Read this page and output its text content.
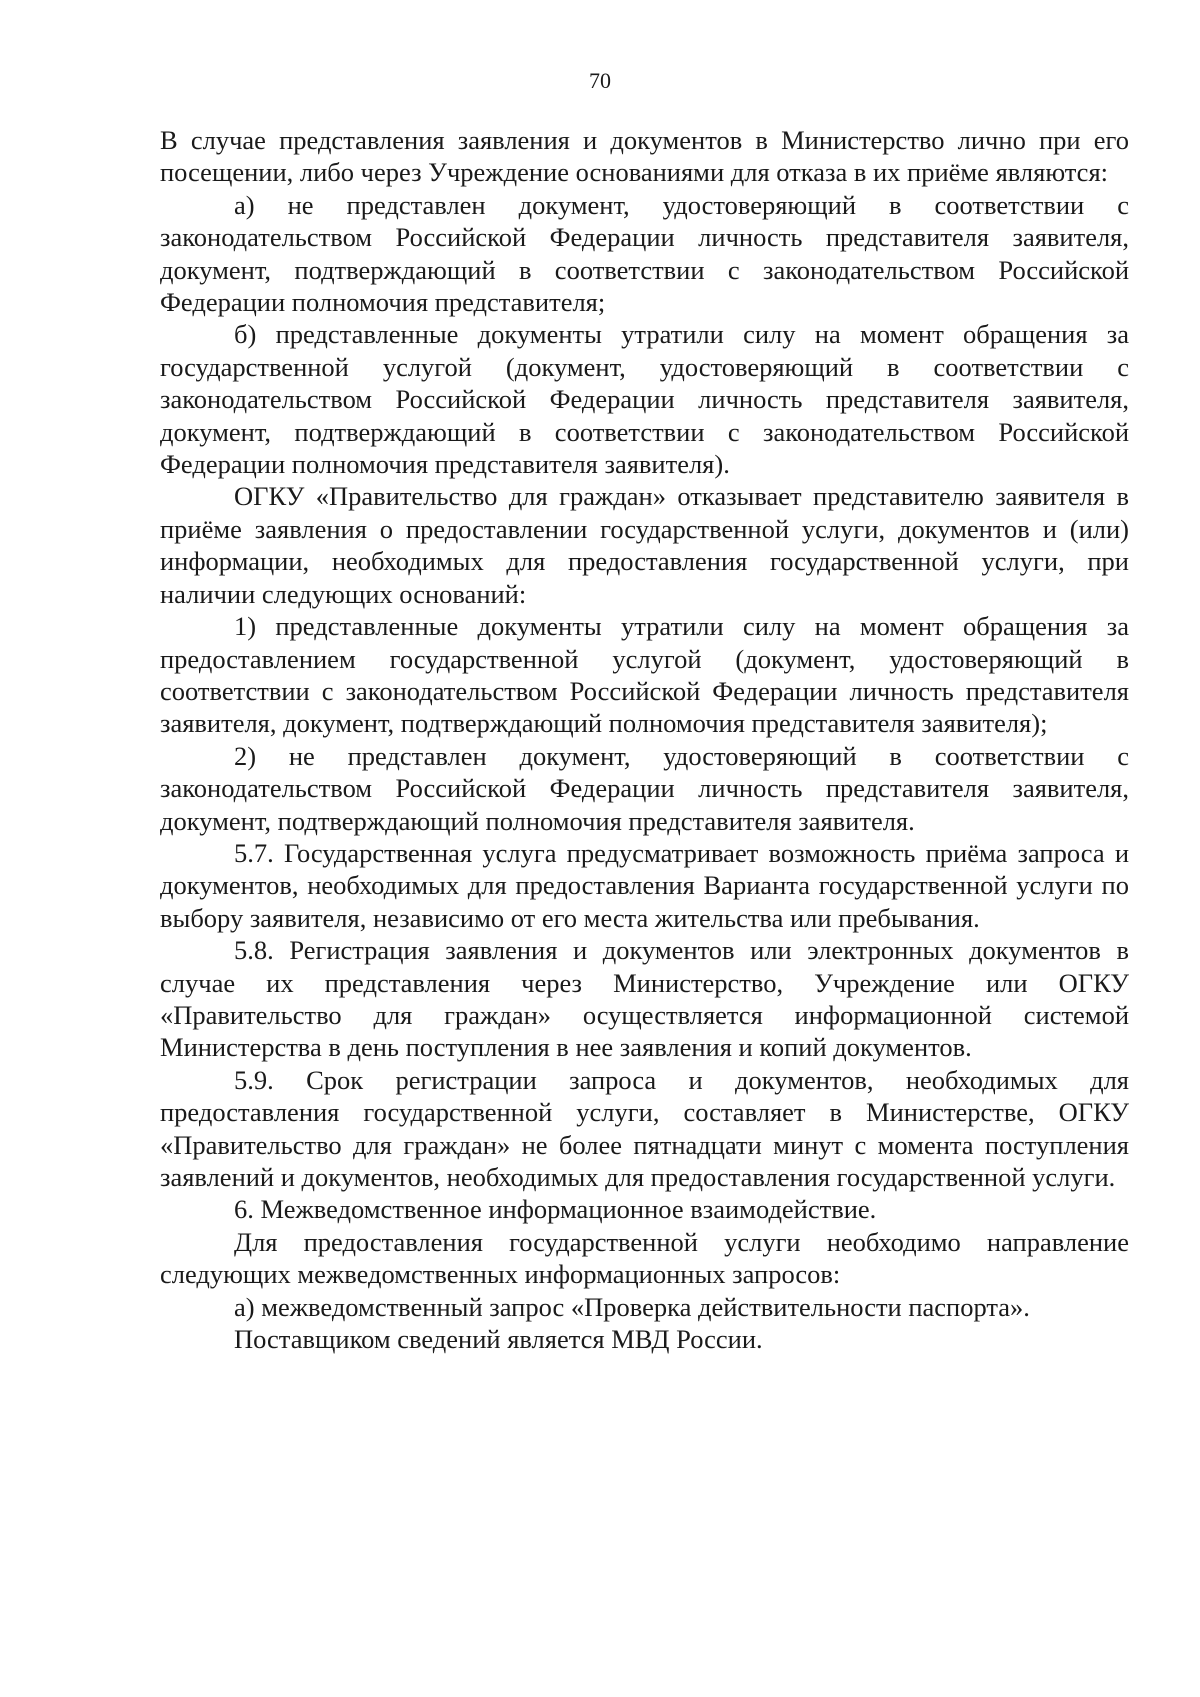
70

В случае представления заявления и документов в Министерство лично при его посещении, либо через Учреждение основаниями для отказа в их приёме являются:

а) не представлен документ, удостоверяющий в соответствии с законодательством Российской Федерации личность представителя заявителя, документ, подтверждающий в соответствии с законодательством Российской Федерации полномочия представителя;

б) представленные документы утратили силу на момент обращения за государственной услугой (документ, удостоверяющий в соответствии с законодательством Российской Федерации личность представителя заявителя, документ, подтверждающий в соответствии с законодательством Российской Федерации полномочия представителя заявителя).

ОГКУ «Правительство для граждан» отказывает представителю заявителя в приёме заявления о предоставлении государственной услуги, документов и (или) информации, необходимых для предоставления государственной услуги, при наличии следующих оснований:

1) представленные документы утратили силу на момент обращения за предоставлением государственной услугой (документ, удостоверяющий в соответствии с законодательством Российской Федерации личность представителя заявителя, документ, подтверждающий полномочия представителя заявителя);

2) не представлен документ, удостоверяющий в соответствии с законодательством Российской Федерации личность представителя заявителя, документ, подтверждающий полномочия представителя заявителя.

5.7. Государственная услуга предусматривает возможность приёма запроса и документов, необходимых для предоставления Варианта государственной услуги по выбору заявителя, независимо от его места жительства или пребывания.

5.8. Регистрация заявления и документов или электронных документов в случае их представления через Министерство, Учреждение или ОГКУ «Правительство для граждан» осуществляется информационной системой Министерства в день поступления в нее заявления и копий документов.

5.9. Срок регистрации запроса и документов, необходимых для предоставления государственной услуги, составляет в Министерстве, ОГКУ «Правительство для граждан» не более пятнадцати минут с момента поступления заявлений и документов, необходимых для предоставления государственной услуги.

6. Межведомственное информационное взаимодействие.

Для предоставления государственной услуги необходимо направление следующих межведомственных информационных запросов:

а) межведомственный запрос «Проверка действительности паспорта».

Поставщиком сведений является МВД России.
